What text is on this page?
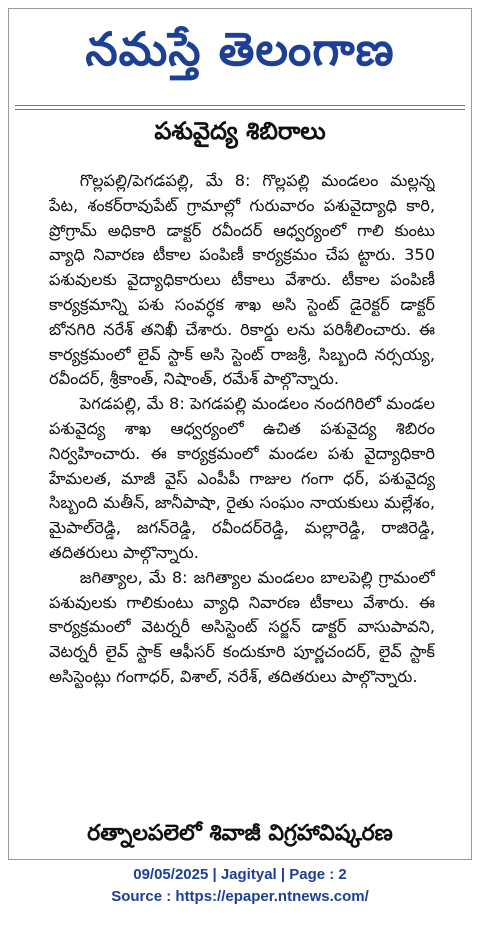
నమస్తే తెలంగాణ
పశువైద్య శిబిరాలు

గొల్లపల్లి/పెగడపల్లి, మే 8: గొల్లపల్లి మండలం మల్లన్న పేట, శంకర్‌రావుపేట్ గ్రామాల్లో గురువారం పశువైద్యాధి కారి, ప్రోగ్రామ్ అధికారి డాక్టర్ రవీందర్ ఆధ్వర్యంలో గాలి కుంటు వ్యాధి నివారణ టీకాల పంపిణీ కార్యక్రమం చేప ట్టారు. 350 పశువులకు వైద్యాధికారులు టీకాలు వేశారు. టీకాల పంపిణీ కార్యక్రమాన్ని పశు సంవర్ధక శాఖ అసి స్టెంట్ డైరెక్టర్ డాక్టర్ బోనగిరి నరేశ్ తనిఖీ చేశారు. రికార్డు లను పరిశీలించారు. ఈ కార్యక్రమంలో లైవ్ స్టాక్ అసి స్టెంట్ రాజశ్రీ, సిబ్బంది నర్సయ్య, రవీందర్, శ్రీకాంత్, నిషాంత్, రమేశ్ పాల్గొన్నారు.

పెగడపల్లి, మే 8: పెగడపల్లి మండలం నందగిరిలో మండల పశువైద్య శాఖ ఆధ్వర్యంలో ఉచిత పశువైద్య శిబిరం నిర్వహించారు. ఈ కార్యక్రమంలో మండల పశు వైద్యాధికారి హేమలత, మాజీ వైస్ ఎంపీపీ గాజుల గంగా ధర్, పశువైద్య సిబ్బంది మతీన్, జానీపాషా, రైతు సంఘం నాయకులు మల్లేశం, మైపాల్‌రెడ్డి, జగన్‌రెడ్డి, రవీందర్‌రెడ్డి, మల్లారెడ్డి, రాజిరెడ్డి, తదితరులు పాల్గొన్నారు.

జగిత్యాల, మే 8: జగిత్యాల మండలం బాలపెల్లి గ్రామంలో పశువులకు గాలికుంటు వ్యాధి నివారణ టీకాలు వేశారు. ఈ కార్యక్రమంలో వెటర్నరీ అసిస్టెంట్ సర్జన్ డాక్టర్ వాసుపావని, వెటర్నరీ లైవ్ స్టాక్ ఆఫీసర్ కందుకూరి పూర్ణచందర్, లైవ్ స్టాక్ అసిస్టెంట్లు గంగాధర్, విశాల్, నరేశ్, తదితరులు పాల్గొన్నారు.

రత్నాలపలెలో శివాజీ విగ్రహావిష్కరణ
09/05/2025 | Jagityal | Page : 2
Source : https://epaper.ntnews.com/
